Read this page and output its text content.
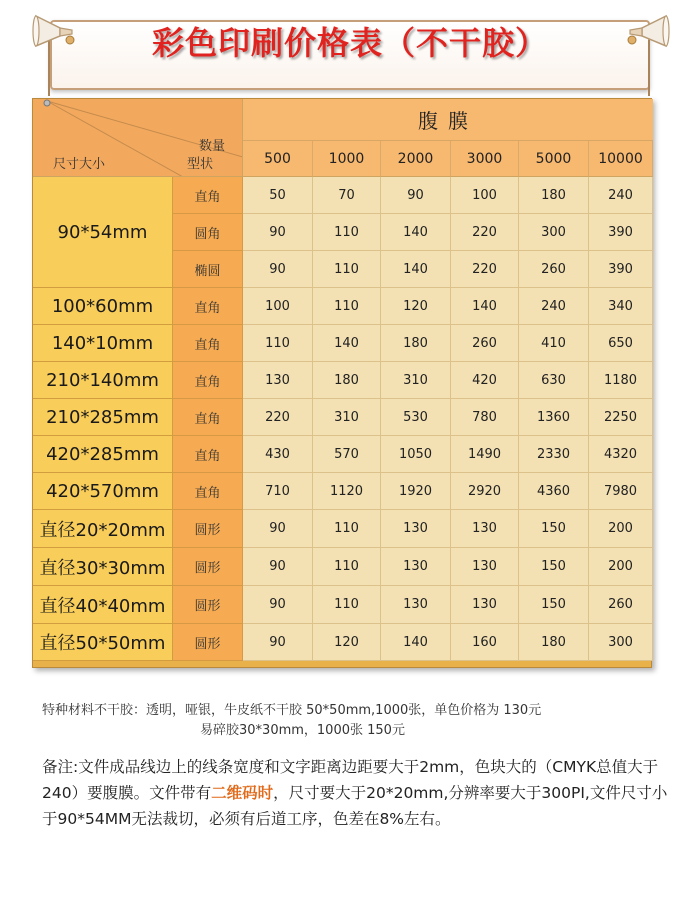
彩色印刷价格表（不干胶）
数量
型状
尺寸大小
腹膜
500	1000	2000	3000	5000	10000
90*54mm
直角	50	70	90	100	180	240
圆角	90	110	140	220	300	390
椭圆	90	110	140	220	260	390
100*60mm	直角	100	110	120	140	240	340
140*10mm	直角	110	140	180	260	410	650
210*140mm	直角	130	180	310	420	630	1180
210*285mm	直角	220	310	530	780	1360	2250
420*285mm	直角	430	570	1050	1490	2330	4320
420*570mm	直角	710	1120	1920	2920	4360	7980
直径20*20mm	圆形	90	110	130	130	150	200
直径30*30mm	圆形	90	110	130	130	150	200
直径40*40mm	圆形	90	110	130	130	150	260
直径50*50mm	圆形	90	120	140	160	180	300
特种材料不干胶：透明，哑银，牛皮纸不干胶 50*50mm,1000张，单色价格为 130元
易碎胶30*30mm，1000张 150元
备注:文件成品线边上的线条宽度和文字距离边距要大于2mm，色块大的（CMYK总值大于240）要腹膜。文件带有二维码时，尺寸要大于20*20mm,分辨率要大于300PI,文件尺寸小于90*54MM无法裁切，必须有后道工序，色差在8%左右。
